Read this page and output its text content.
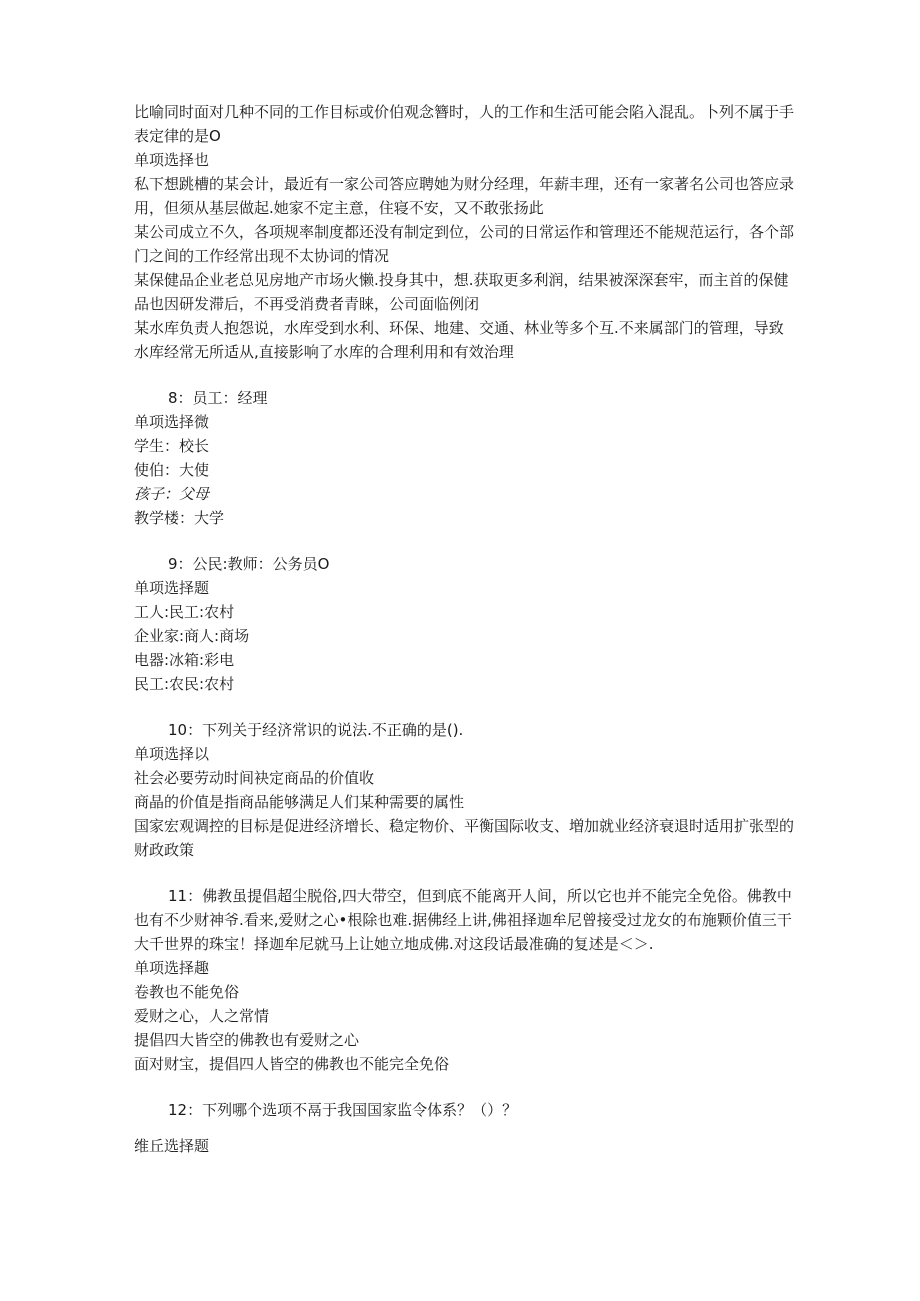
比喻同时面对几种不同的工作目标或价伯观念簪时，人的工作和生活可能会陷入混乱。卜列不属于手表定律的是O

单项选择也

私下想跳槽的某会计，最近有一家公司答应聘她为财分经理，年薪丰理，还有一家著名公司也答应录用，但须从基层做起.她家不定主意，住寝不安，又不敢张扬此

某公司成立不久，各项规率制度都还没有制定到位，公司的日常运作和管理还不能规范运行，各个部门之间的工作经常出现不太协词的情况

某保健品企业老总见房地产市场火懒.投身其中，想.获取更多利润，结果被深深套牢，而主首的保健品也因研发滞后，不再受消费者青睐，公司面临例闭

某水库负责人抱怨说，水库受到水利、环保、地建、交通、林业等多个互.不来属部门的管理，导致水库经常无所适从,直接影响了水库的合理利用和有效治理

8：员工：经理

单项选择微

学生：校长

使伯：大使

孩子：父母

教学楼：大学

9：公民:教师：公务员O

单项选择题

工人:民工:农村

企业家:商人:商场

电器:冰箱:彩电

民工:农民:农村

10：下列关于经济常识的说法.不正确的是().

单项选择以

社会必要劳动时间袂定商品的价值收

商晶的价值是指商品能够满足人们某种需要的属性

国家宏观调控的目标是促进经济增长、稳定物价、平衡国际收支、増加就业经济衰退时适用扩张型的财政政策

11：佛教虽提倡超尘脱俗,四大带空，但到底不能离开人间，所以它也并不能完全免俗。佛教中也有不少财神爷.看来,爱财之心•根除也难.据佛经上讲,佛祖择迦牟尼曾接受过龙女的布施颗价值三干大千世界的珠宝！择迦牟尼就马上让她立地成佛.对这段话最准确的复述是＜＞.

单项选择趣

卷教也不能免俗

爱财之心，人之常情

提倡四大皆空的佛教也有爱财之心

面对财宝，提倡四人皆空的佛教也不能完全免俗

12：下列哪个选项不鬲于我国国家监令体系？（）？

维丘选择题
